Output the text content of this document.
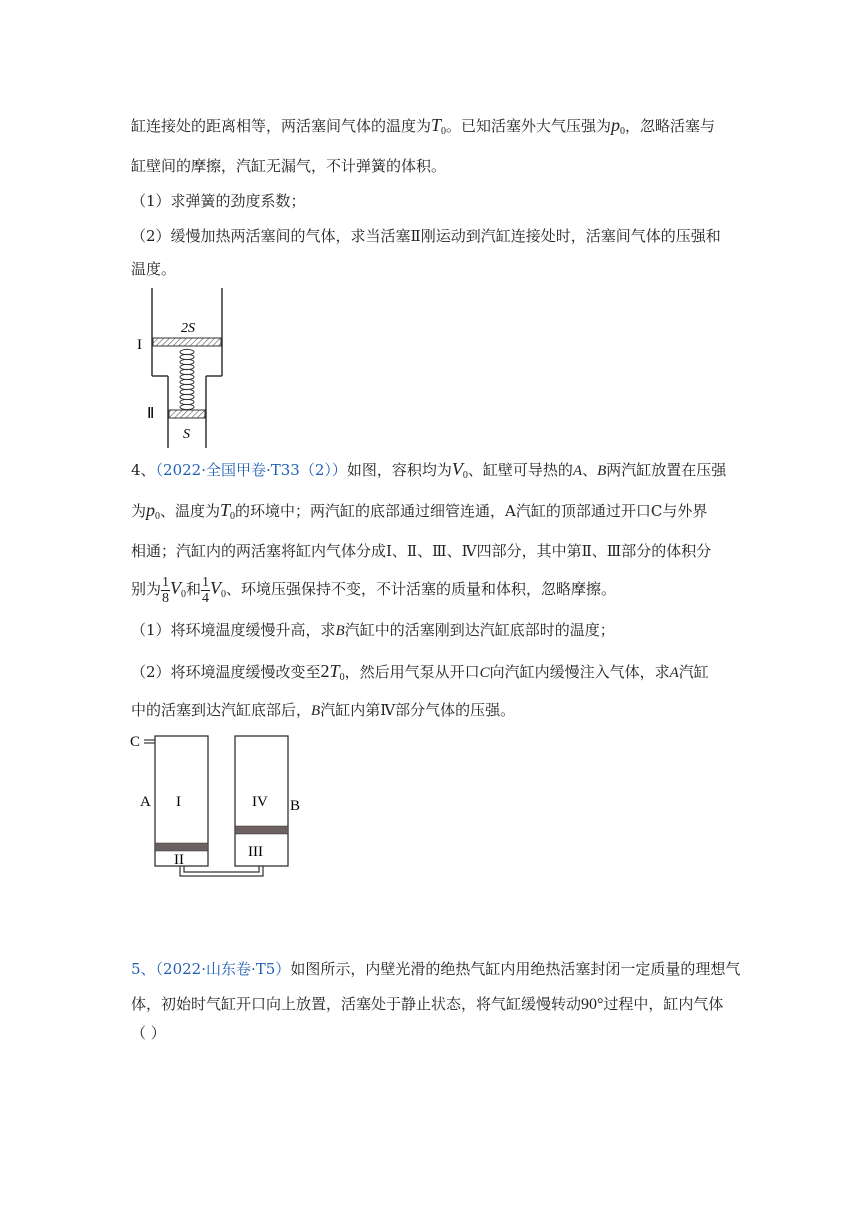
缸连接处的距离相等，两活塞间气体的温度为$T_0$。已知活塞外大气压强为$p_0$，忽略活塞与
缸壁间的摩擦，汽缸无漏气，不计弹簧的体积。
（1）求弹簧的劲度系数；
（2）缓慢加热两活塞间的气体，求当活塞Ⅱ刚运动到汽缸连接处时，活塞间气体的压强和
温度。
2S
I
Ⅱ
S
4、（2022·全国甲卷·T33（2））如图，容积均为$V_0$、缸壁可导热的A、B两汽缸放置在压强
为$p_0$、温度为$T_0$的环境中；两汽缸的底部通过细管连通，A汽缸的顶部通过开口C与外界
相通；汽缸内的两活塞将缸内气体分成Ⅰ、Ⅱ、Ⅲ、Ⅳ四部分，其中第Ⅱ、Ⅲ部分的体积分
别为 $\frac{1}{8} V_0$和 $\frac{1}{4} V_0$、环境压强保持不变，不计活塞的质量和体积，忽略摩擦。
（1）将环境温度缓慢升高，求B汽缸中的活塞刚到达汽缸底部时的温度；
（2）将环境温度缓慢改变至$2T_0$，然后用气泵从开口C向汽缸内缓慢注入气体，求A汽缸
中的活塞到达汽缸底部后，B汽缸内第Ⅳ部分气体的压强。
C
A I
II
IV B
III
5、（2022·山东卷·T5）如图所示，内壁光滑的绝热气缸内用绝热活塞封闭一定质量的理想气
体，初始时气缸开口向上放置，活塞处于静止状态，将气缸缓慢转动90°过程中，缸内气体
（ ）
